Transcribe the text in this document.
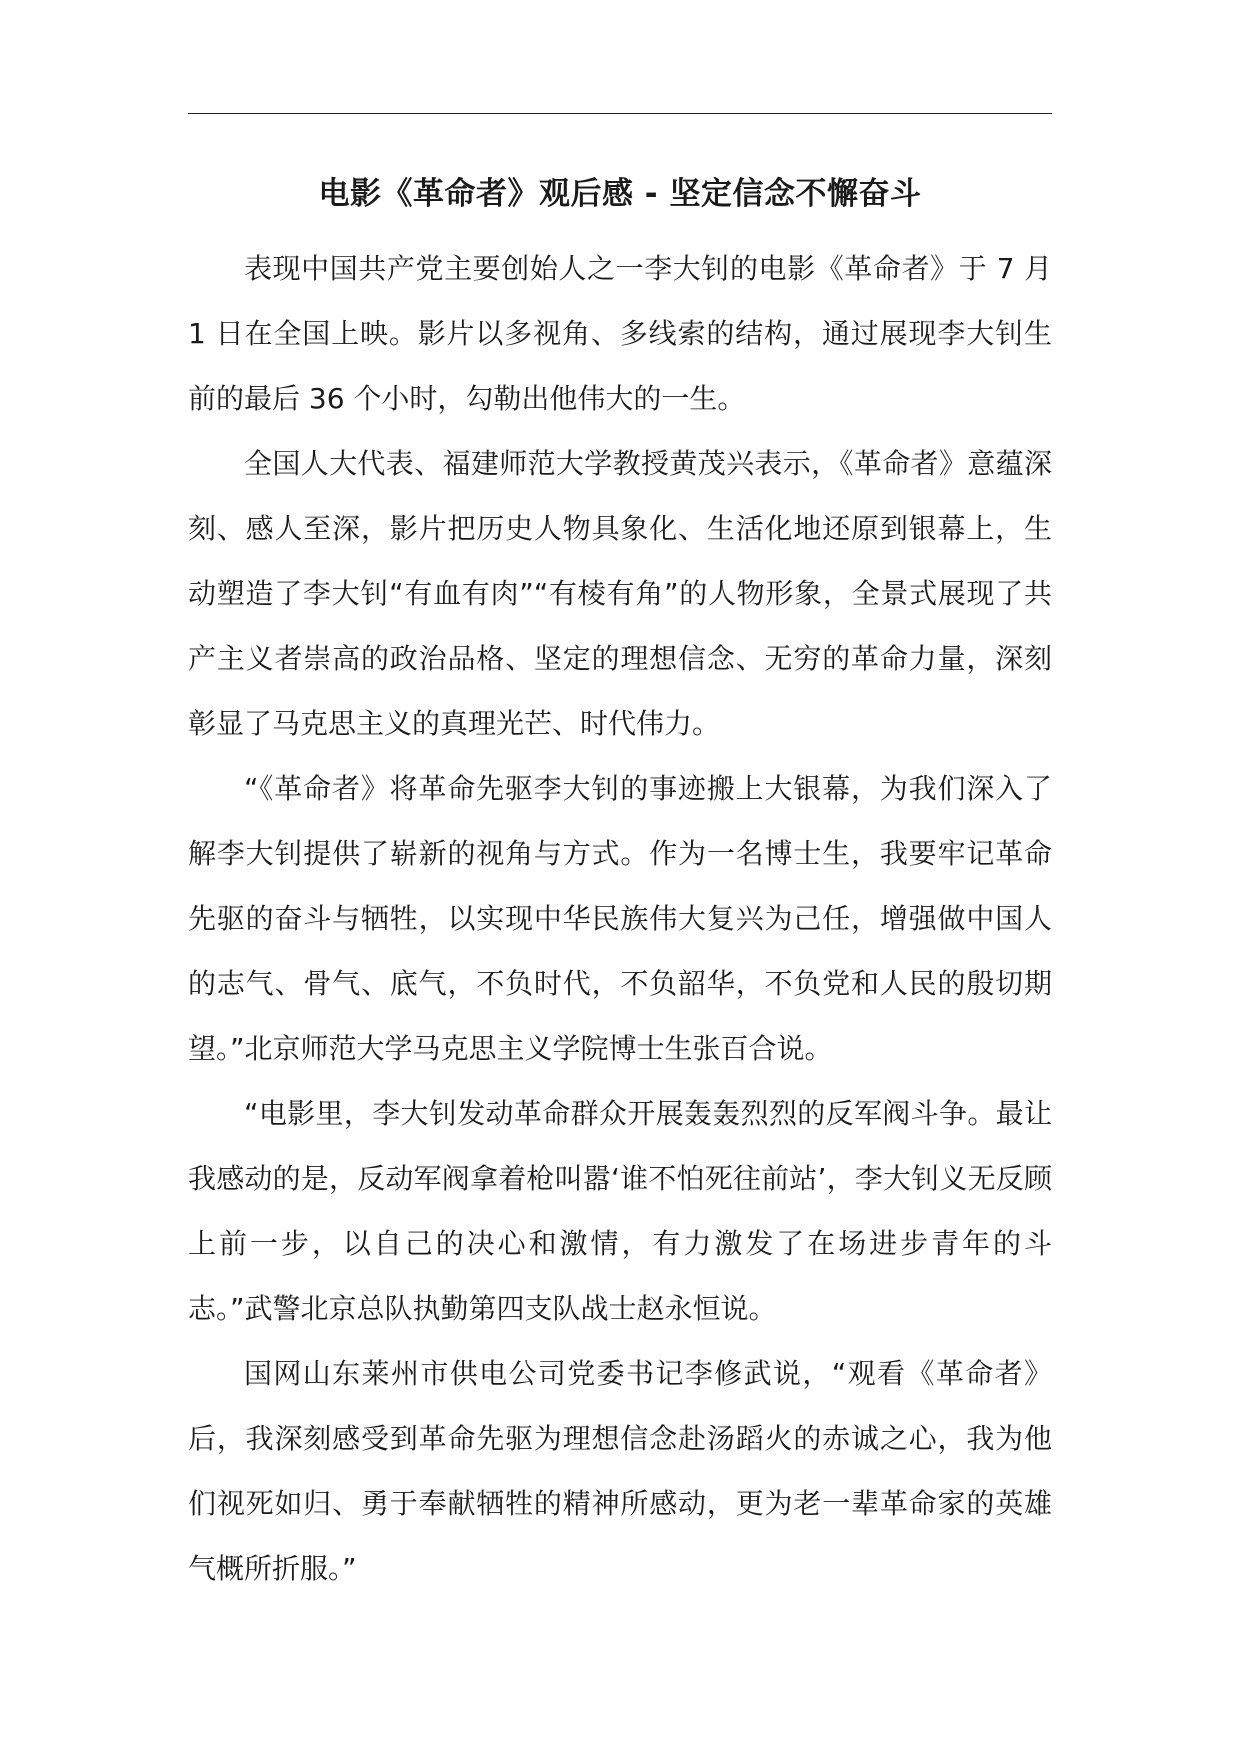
电影《革命者》观后感 - 坚定信念不懈奋斗

表现中国共产党主要创始人之一李大钊的电影《革命者》于 7 月 1 日在全国上映。影片以多视角、多线索的结构，通过展现李大钊生前的最后 36 个小时，勾勒出他伟大的一生。

全国人大代表、福建师范大学教授黄茂兴表示，《革命者》意蕴深刻、感人至深，影片把历史人物具象化、生活化地还原到银幕上，生动塑造了李大钊“有血有肉”“有棱有角”的人物形象，全景式展现了共产主义者崇高的政治品格、坚定的理想信念、无穷的革命力量，深刻彰显了马克思主义的真理光芒、时代伟力。

“《革命者》将革命先驱李大钊的事迹搬上大银幕，为我们深入了解李大钊提供了崭新的视角与方式。作为一名博士生，我要牢记革命先驱的奋斗与牺牲，以实现中华民族伟大复兴为己任，增强做中国人的志气、骨气、底气，不负时代，不负韶华，不负党和人民的殷切期望。”北京师范大学马克思主义学院博士生张百合说。

“电影里，李大钊发动革命群众开展轰轰烈烈的反军阀斗争。最让我感动的是，反动军阀拿着枪叫嚣‘谁不怕死往前站’，李大钊义无反顾上前一步，以自己的决心和激情，有力激发了在场进步青年的斗志。”武警北京总队执勤第四支队战士赵永恒说。

国网山东莱州市供电公司党委书记李修武说，“观看《革命者》后，我深刻感受到革命先驱为理想信念赴汤蹈火的赤诚之心，我为他们视死如归、勇于奉献牺牲的精神所感动，更为老一辈革命家的英雄气概所折服。”
